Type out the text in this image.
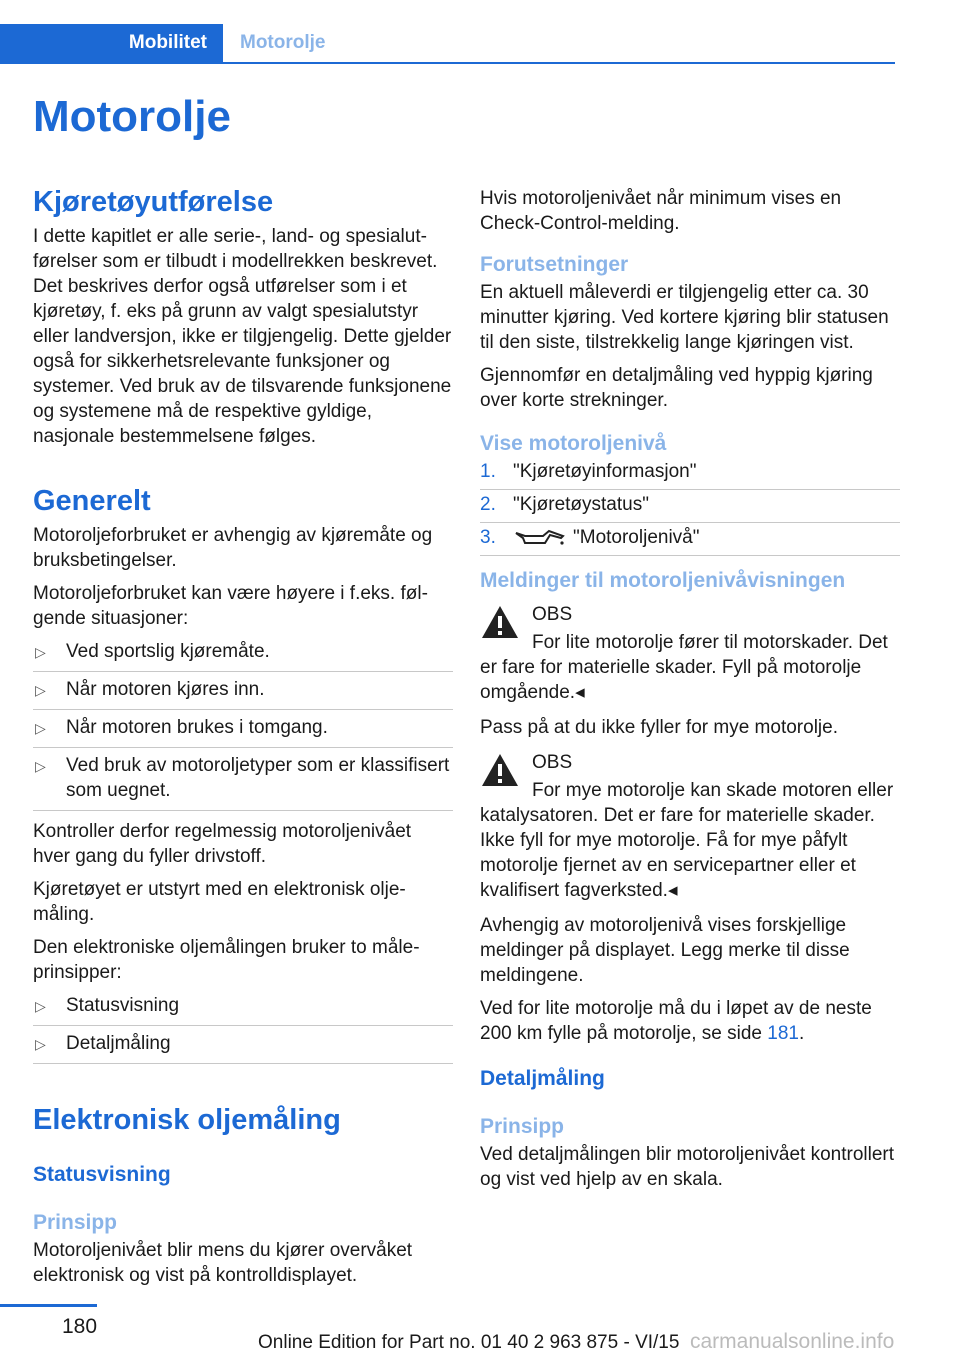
Mobilitet	Motorolje
Motorolje
Kjøretøyutførelse

I dette kapitlet er alle serie-, land- og spesialutførelser som er tilbudt i modellrekken beskrevet. Det beskrives derfor også utførelser som i et kjøretøy, f. eks på grunn av valgt spesialutstyr eller landversjon, ikke er tilgjengelig. Dette gjelder også for sikkerhetsrelevante funksjoner og systemer. Ved bruk av de tilsvarende funksjonene og systemene må de respektive gyldige, nasjonale bestemmelsene følges.

Generelt

Motoroljeforbruket er avhengig av kjøremåte og bruksbetingelser.

Motoroljeforbruket kan være høyere i f.eks. følgende situasjoner:

▷ Ved sportslig kjøremåte.
▷ Når motoren kjøres inn.
▷ Når motoren brukes i tomgang.
▷ Ved bruk av motoroljetyper som er klassifisert som uegnet.

Kontroller derfor regelmessig motoroljenivået hver gang du fyller drivstoff.

Kjøretøyet er utstyrt med en elektronisk oljemåling.

Den elektroniske oljemålingen bruker to måleprinsipper:

▷ Statusvisning
▷ Detaljmåling
Elektronisk oljemåling
Statusvisning
Prinsipp

Motoroljenivået blir mens du kjører overvåket elektronisk og vist på kontrolldisplayet.

Hvis motoroljenivået når minimum vises en Check-Control-melding.

Forutsetninger

En aktuell måleverdi er tilgjengelig etter ca. 30 minutter kjøring. Ved kortere kjøring blir statusen til den siste, tilstrekkelig lange kjøringen vist.

Gjennomfør en detaljmåling ved hyppig kjøring over korte strekninger.

Vise motoroljenivå
1. "Kjøretøyinformasjon"
2. "Kjøretøystatus"
3.	"Motoroljenivå"
Meldinger til motoroljenivåvisningen

OBS

For lite motorolje fører til motorskader. Det er fare for materielle skader. Fyll på motorolje omgående.◂

Pass på at du ikke fyller for mye motorolje.

OBS

For mye motorolje kan skade motoren eller katalysatoren. Det er fare for materielle skader. Ikke fyll for mye motorolje. Få for mye påfylt motorolje fjernet av en servicepartner eller et kvalifisert fagverksted.◂

Avhengig av motoroljenivå vises forskjellige meldinger på displayet. Legg merke til disse meldingene.

Ved for lite motorolje må du i løpet av de neste 200 km fylle på motorolje, se side 181.

Detaljmåling
Prinsipp

Ved detaljmålingen blir motoroljenivået kontrollert og vist ved hjelp av en skala.

180
Online Edition for Part no. 01 40 2 963 875 - VI/15 carmanualsonline.info
